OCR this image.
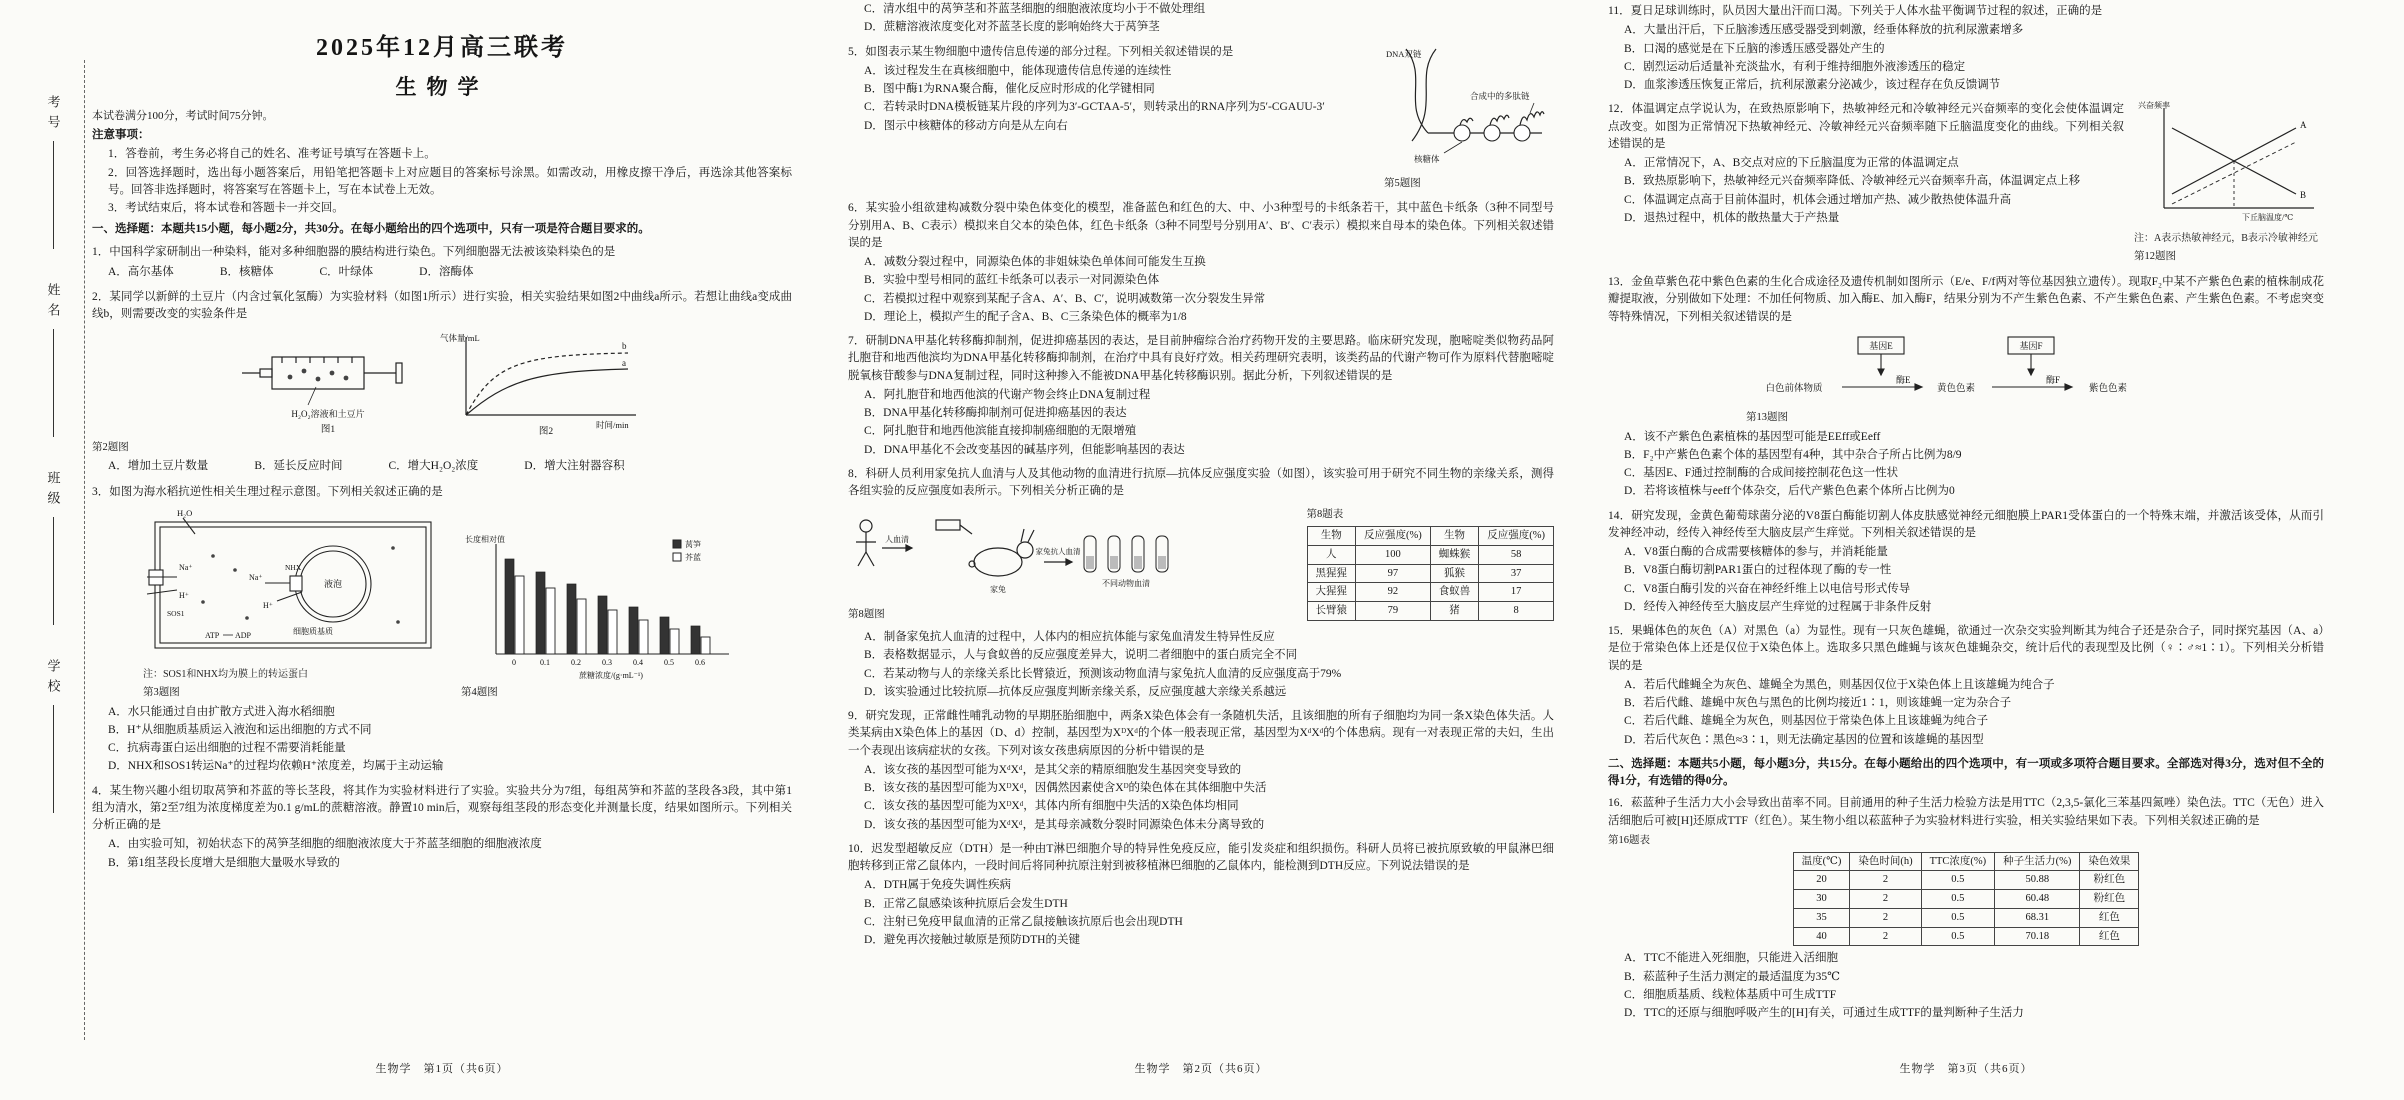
考号
姓名
班级
学校
2025年12月高三联考
生物学

本试卷满分100分，考试时间75分钟。

注意事项：

1．答卷前，考生务必将自己的姓名、准考证号填写在答题卡上。
2．回答选择题时，选出每小题答案后，用铅笔把答题卡上对应题目的答案标号涂黑。如需改动，用橡皮擦干净后，再选涂其他答案标号。回答非选择题时，将答案写在答题卡上，写在本试卷上无效。
3．考试结束后，将本试卷和答题卡一并交回。

一、选择题：本题共15小题，每小题2分，共30分。在每小题给出的四个选项中，只有一项是符合题目要求的。

1．中国科学家研制出一种染料，能对多种细胞器的膜结构进行染色。下列细胞器无法被该染料染色的是

A．高尔基体	B．核糖体	C．叶绿体	D．溶酶体

2．某同学以新鲜的土豆片（内含过氧化氢酶）为实验材料（如图1所示）进行实验，相关实验结果如图2中曲线a所示。若想让曲线a变成曲线b，则需要改变的实验条件是

H₂O₂溶液和土豆片
图1
a
b
气体量/mL
时间/min
图2

第2题图

A．增加土豆片数量	B．延长反应时间	C．增大H₂O₂浓度	D．增大注射器容积

3．如图为海水稻抗逆性相关生理过程示意图。下列相关叙述正确的是

H₂O
Na⁺
H⁺
Na⁺
H⁺
SOS1
NHX
液泡
ATP ADP	细胞质基质

注：SOS1和NHX均为膜上的转运蛋白

第3题图

长度相对值
0	0.1	0.2	0.3	0.4	0.5	0.6
蔗糖浓度/(g·mL⁻¹)
莴笋
芥蓝

第4题图

A．水只能通过自由扩散方式进入海水稻细胞
B．H⁺从细胞质基质运入液泡和运出细胞的方式不同
C．抗病毒蛋白运出细胞的过程不需要消耗能量
D．NHX和SOS1转运Na⁺的过程均依赖H⁺浓度差，均属于主动运输

4．某生物兴趣小组切取莴笋和芥蓝的等长茎段，将其作为实验材料进行了实验。实验共分为7组，每组莴笋和芥蓝的茎段各3段，其中第1组为清水，第2至7组为浓度梯度差为0.1 g/mL的蔗糖溶液。静置10 min后，观察每组茎段的形态变化并测量长度，结果如图所示。下列相关分析正确的是

A．由实验可知，初始状态下的莴笋茎细胞的细胞液浓度大于芥蓝茎细胞的细胞液浓度
B．第1组茎段长度增大是细胞大量吸水导致的
生物学　第1页（共6页）
C．清水组中的莴笋茎和芥蓝茎细胞的细胞液浓度均小于不做处理组
D．蔗糖溶液浓度变化对芥蓝茎长度的影响始终大于莴笋茎
核糖体
DNA双链
合成中的多肽链

第5题图

5．如图表示某生物细胞中遗传信息传递的部分过程。下列相关叙述错误的是

A．该过程发生在真核细胞中，能体现遗传信息传递的连续性
B．图中酶1为RNA聚合酶，催化反应时形成的化学键相同
C．若转录时DNA模板链某片段的序列为3′-GCTAA-5′，则转录出的RNA序列为5′-CGAUU-3′
D．图示中核糖体的移动方向是从左向右

6．某实验小组欲建构减数分裂中染色体变化的模型，准备蓝色和红色的大、中、小3种型号的卡纸条若干，其中蓝色卡纸条（3种不同型号分别用A、B、C表示）模拟来自父本的染色体，红色卡纸条（3种不同型号分别用A′、B′、C′表示）模拟来自母本的染色体。下列相关叙述错误的是

A．减数分裂过程中，同源染色体的非姐妹染色单体间可能发生互换
B．实验中型号相同的蓝红卡纸条可以表示一对同源染色体
C．若模拟过程中观察到某配子含A、A′、B、C′，说明减数第一次分裂发生异常
D．理论上，模拟产生的配子含A、B、C三条染色体的概率为1/8

7．研制DNA甲基化转移酶抑制剂，促进抑癌基因的表达，是目前肿瘤综合治疗药物开发的主要思路。临床研究发现，胞嘧啶类似物药品阿扎胞苷和地西他滨均为DNA甲基化转移酶抑制剂，在治疗中具有良好疗效。相关药理研究表明，该类药品的代谢产物可作为原料代替胞嘧啶脱氧核苷酸参与DNA复制过程，同时这种掺入不能被DNA甲基化转移酶识别。据此分析，下列叙述错误的是

A．阿扎胞苷和地西他滨的代谢产物会终止DNA复制过程
B．DNA甲基化转移酶抑制剂可促进抑癌基因的表达
C．阿扎胞苷和地西他滨能直接抑制癌细胞的无限增殖
D．DNA甲基化不会改变基因的碱基序列，但能影响基因的表达

8．科研人员利用家兔抗人血清与人及其他动物的血清进行抗原—抗体反应强度实验（如图），该实验可用于研究不同生物的亲缘关系，测得各组实验的反应强度如表所示。下列相关分析正确的是

人血清
家兔
家兔抗人血清
不同动物血清

第8题图

第8题表

生物	反应强度(%)	生物	反应强度(%)
人	100	蜘蛛猴	58
黑猩猩	97	狐猴	37
大猩猩	92	食蚁兽	17
长臂猿	79	猪	8
A．制备家兔抗人血清的过程中，人体内的相应抗体能与家兔血清发生特异性反应
B．表格数据显示，人与食蚁兽的反应强度差异大，说明二者细胞中的蛋白质完全不同
C．若某动物与人的亲缘关系比长臂猿近，预测该动物血清与家兔抗人血清的反应强度高于79%
D．该实验通过比较抗原—抗体反应强度判断亲缘关系，反应强度越大亲缘关系越远

9．研究发现，正常雌性哺乳动物的早期胚胎细胞中，两条X染色体会有一条随机失活，且该细胞的所有子细胞均为同一条X染色体失活。人类某病由X染色体上的基因（D、d）控制，基因型为XᴰXᵈ的个体一般表现正常，基因型为XᵈXᵈ的个体患病。现有一对表现正常的夫妇，生出一个表现出该病症状的女孩。下列对该女孩患病原因的分析中错误的是

A．该女孩的基因型可能为XᵈXᵈ，是其父亲的精原细胞发生基因突变导致的
B．该女孩的基因型可能为XᴰXᵈ，因偶然因素使含Xᴰ的染色体在其体细胞中失活
C．该女孩的基因型可能为XᴰXᵈ，其体内所有细胞中失活的X染色体均相同
D．该女孩的基因型可能为XᵈXᵈ，是其母亲减数分裂时同源染色体未分离导致的

10．迟发型超敏反应（DTH）是一种由T淋巴细胞介导的特异性免疫反应，能引发炎症和组织损伤。科研人员将已被抗原致敏的甲鼠淋巴细胞转移到正常乙鼠体内，一段时间后将同种抗原注射到被移植淋巴细胞的乙鼠体内，能检测到DTH反应。下列说法错误的是

A．DTH属于免疫失调性疾病
B．正常乙鼠感染该种抗原后会发生DTH
C．注射已免疫甲鼠血清的正常乙鼠接触该抗原后也会出现DTH
D．避免再次接触过敏原是预防DTH的关键
生物学　第2页（共6页）

11．夏日足球训练时，队员因大量出汗而口渴。下列关于人体水盐平衡调节过程的叙述，正确的是

A．大量出汗后，下丘脑渗透压感受器受到刺激，经垂体释放的抗利尿激素增多
B．口渴的感觉是在下丘脑的渗透压感受器处产生的
C．剧烈运动后适量补充淡盐水，有利于维持细胞外液渗透压的稳定
D．血浆渗透压恢复正常后，抗利尿激素分泌减少，该过程存在负反馈调节
A
B
兴奋频率
下丘脑温度/℃

注：A表示热敏神经元，B表示冷敏神经元

第12题图

12．体温调定点学说认为，在致热原影响下，热敏神经元和冷敏神经元兴奋频率的变化会使体温调定点改变。如图为正常情况下热敏神经元、冷敏神经元兴奋频率随下丘脑温度变化的曲线。下列相关叙述错误的是

A．正常情况下，A、B交点对应的下丘脑温度为正常的体温调定点
B．致热原影响下，热敏神经元兴奋频率降低、冷敏神经元兴奋频率升高，体温调定点上移
C．体温调定点高于目前体温时，机体会通过增加产热、减少散热使体温升高
D．退热过程中，机体的散热量大于产热量

13．金鱼草紫色花中紫色色素的生化合成途径及遗传机制如图所示（E/e、F/f两对等位基因独立遗传）。现取F₂中某不产紫色色素的植株制成花瓣提取液，分别做如下处理：不加任何物质、加入酶E、加入酶F，结果分别为不产生紫色色素、不产生紫色色素、产生紫色色素。不考虑突变等特殊情况，下列相关叙述错误的是

基因E	基因F
酶E	酶F
白色前体物质	黄色色素	紫色色素

第13题图

A．该不产紫色色素植株的基因型可能是EEff或Eeff
B．F₂中产紫色色素个体的基因型有4种，其中杂合子所占比例为8/9
C．基因E、F通过控制酶的合成间接控制花色这一性状
D．若将该植株与eeff个体杂交，后代产紫色色素个体所占比例为0

14．研究发现，金黄色葡萄球菌分泌的V8蛋白酶能切割人体皮肤感觉神经元细胞膜上PAR1受体蛋白的一个特殊末端，并激活该受体，从而引发神经冲动，经传入神经传至大脑皮层产生痒觉。下列相关叙述错误的是

A．V8蛋白酶的合成需要核糖体的参与，并消耗能量
B．V8蛋白酶切割PAR1蛋白的过程体现了酶的专一性
C．V8蛋白酶引发的兴奋在神经纤维上以电信号形式传导
D．经传入神经传至大脑皮层产生痒觉的过程属于非条件反射

15．果蝇体色的灰色（A）对黑色（a）为显性。现有一只灰色雄蝇，欲通过一次杂交实验判断其为纯合子还是杂合子，同时探究基因（A、a）是位于常染色体上还是仅位于X染色体上。选取多只黑色雌蝇与该灰色雄蝇杂交，统计后代的表现型及比例（♀∶♂≈1∶1）。下列相关分析错误的是

A．若后代雌蝇全为灰色、雄蝇全为黑色，则基因仅位于X染色体上且该雄蝇为纯合子
B．若后代雌、雄蝇中灰色与黑色的比例均接近1∶1，则该雄蝇一定为杂合子
C．若后代雌、雄蝇全为灰色，则基因位于常染色体上且该雄蝇为纯合子
D．若后代灰色∶黑色≈3∶1，则无法确定基因的位置和该雄蝇的基因型

二、选择题：本题共5小题，每小题3分，共15分。在每小题给出的四个选项中，有一项或多项符合题目要求。全部选对得3分，选对但不全的得1分，有选错的得0分。

16．菘蓝种子生活力大小会导致出苗率不同。目前通用的种子生活力检验方法是用TTC（2,3,5-氯化三苯基四氮唑）染色法。TTC（无色）进入活细胞后可被[H]还原成TTF（红色）。某生物小组以菘蓝种子为实验材料进行实验，相关实验结果如下表。下列相关叙述正确的是

第16题表

温度(℃)	染色时间(h)	TTC浓度(%)	种子生活力(%)	染色效果
20	2	0.5	50.88	粉红色
30	2	0.5	60.48	粉红色
35	2	0.5	68.31	红色
40	2	0.5	70.18	红色
A．TTC不能进入死细胞，只能进入活细胞
B．菘蓝种子生活力测定的最适温度为35℃
C．细胞质基质、线粒体基质中可生成TTF
D．TTC的还原与细胞呼吸产生的[H]有关，可通过生成TTF的量判断种子生活力
生物学　第3页（共6页）
